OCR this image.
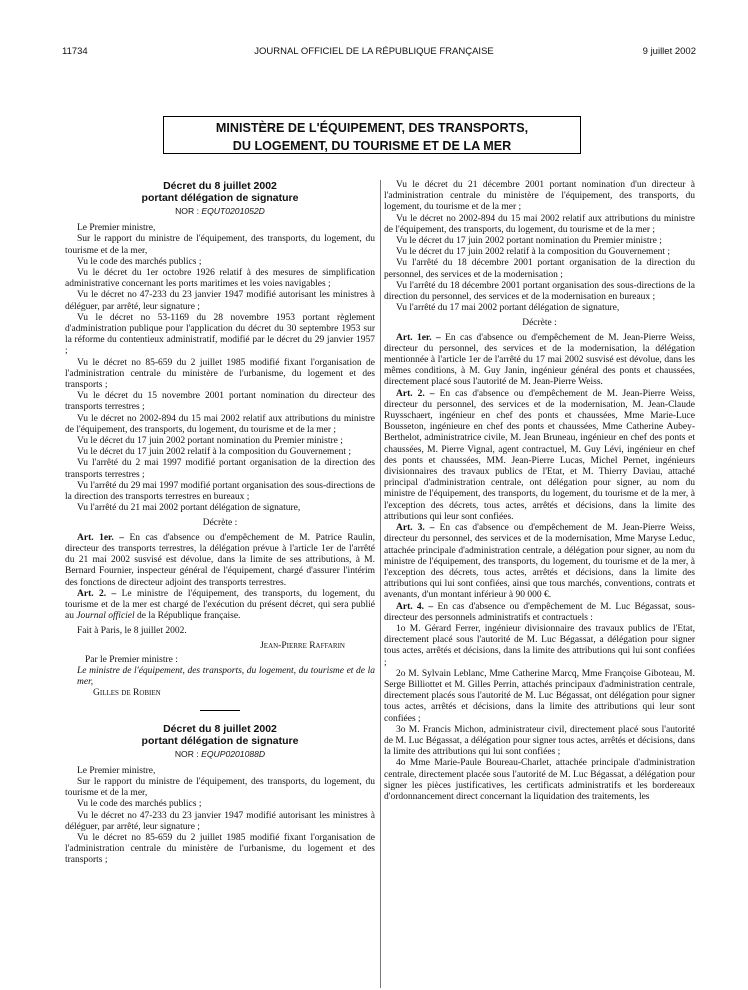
11734	JOURNAL OFFICIEL DE LA RÉPUBLIQUE FRANÇAISE	9 juillet 2002
MINISTÈRE DE L'ÉQUIPEMENT, DES TRANSPORTS,
DU LOGEMENT, DU TOURISME ET DE LA MER

Décret du 8 juillet 2002

portant délégation de signature

NOR : EQUT0201052D

Le Premier ministre,

Sur le rapport du ministre de l'équipement, des transports, du logement, du tourisme et de la mer,

Vu le code des marchés publics ;

Vu le décret du 1er octobre 1926 relatif à des mesures de simplification administrative concernant les ports maritimes et les voies navigables ;

Vu le décret no 47-233 du 23 janvier 1947 modifié autorisant les ministres à déléguer, par arrêté, leur signature ;

Vu le décret no 53-1169 du 28 novembre 1953 portant règlement d'administration publique pour l'application du décret du 30 septembre 1953 sur la réforme du contentieux administratif, modifié par le décret du 29 janvier 1957 ;

Vu le décret no 85-659 du 2 juillet 1985 modifié fixant l'organisation de l'administration centrale du ministère de l'urbanisme, du logement et des transports ;

Vu le décret du 15 novembre 2001 portant nomination du directeur des transports terrestres ;

Vu le décret no 2002-894 du 15 mai 2002 relatif aux attributions du ministre de l'équipement, des transports, du logement, du tourisme et de la mer ;

Vu le décret du 17 juin 2002 portant nomination du Premier ministre ;

Vu le décret du 17 juin 2002 relatif à la composition du Gouvernement ;

Vu l'arrêté du 2 mai 1997 modifié portant organisation de la direction des transports terrestres ;

Vu l'arrêté du 29 mai 1997 modifié portant organisation des sous-directions de la direction des transports terrestres en bureaux ;

Vu l'arrêté du 21 mai 2002 portant délégation de signature,

Décrète :

Art. 1er. – En cas d'absence ou d'empêchement de M. Patrice Raulin, directeur des transports terrestres, la délégation prévue à l'article 1er de l'arrêté du 21 mai 2002 susvisé est dévolue, dans la limite de ses attributions, à M. Bernard Fournier, inspecteur général de l'équipement, chargé d'assurer l'intérim des fonctions de directeur adjoint des transports terrestres.

Art. 2. – Le ministre de l'équipement, des transports, du logement, du tourisme et de la mer est chargé de l'exécution du présent décret, qui sera publié au Journal officiel de la République française.

Fait à Paris, le 8 juillet 2002.

Jean-Pierre Raffarin

Par le Premier ministre :

Le ministre de l'équipement, des transports, du logement, du tourisme et de la mer,

Gilles de Robien

Décret du 8 juillet 2002

portant délégation de signature

NOR : EQUP0201088D

Le Premier ministre,

Sur le rapport du ministre de l'équipement, des transports, du logement, du tourisme et de la mer,

Vu le code des marchés publics ;

Vu le décret no 47-233 du 23 janvier 1947 modifié autorisant les ministres à déléguer, par arrêté, leur signature ;

Vu le décret no 85-659 du 2 juillet 1985 modifié fixant l'organisation de l'administration centrale du ministère de l'urbanisme, du logement et des transports ;

Vu le décret du 21 décembre 2001 portant nomination d'un directeur à l'administration centrale du ministère de l'équipement, des transports, du logement, du tourisme et de la mer ;

Vu le décret no 2002-894 du 15 mai 2002 relatif aux attributions du ministre de l'équipement, des transports, du logement, du tourisme et de la mer ;

Vu le décret du 17 juin 2002 portant nomination du Premier ministre ;

Vu le décret du 17 juin 2002 relatif à la composition du Gouvernement ;

Vu l'arrêté du 18 décembre 2001 portant organisation de la direction du personnel, des services et de la modernisation ;

Vu l'arrêté du 18 décembre 2001 portant organisation des sous-directions de la direction du personnel, des services et de la modernisation en bureaux ;

Vu l'arrêté du 17 mai 2002 portant délégation de signature,

Décrète :

Art. 1er. – En cas d'absence ou d'empêchement de M. Jean-Pierre Weiss, directeur du personnel, des services et de la modernisation, la délégation mentionnée à l'article 1er de l'arrêté du 17 mai 2002 susvisé est dévolue, dans les mêmes conditions, à M. Guy Janin, ingénieur général des ponts et chaussées, directement placé sous l'autorité de M. Jean-Pierre Weiss.

Art. 2. – En cas d'absence ou d'empêchement de M. Jean-Pierre Weiss, directeur du personnel, des services et de la modernisation, M. Jean-Claude Ruysschaert, ingénieur en chef des ponts et chaussées, Mme Marie-Luce Bousseton, ingénieure en chef des ponts et chaussées, Mme Catherine Aubey-Berthelot, administratrice civile, M. Jean Bruneau, ingénieur en chef des ponts et chaussées, M. Pierre Vignal, agent contractuel, M. Guy Lévi, ingénieur en chef des ponts et chaussées, MM. Jean-Pierre Lucas, Michel Pernet, ingénieurs divisionnaires des travaux publics de l'Etat, et M. Thierry Daviau, attaché principal d'administration centrale, ont délégation pour signer, au nom du ministre de l'équipement, des transports, du logement, du tourisme et de la mer, à l'exception des décrets, tous actes, arrêtés et décisions, dans la limite des attributions qui leur sont confiées.

Art. 3. – En cas d'absence ou d'empêchement de M. Jean-Pierre Weiss, directeur du personnel, des services et de la modernisation, Mme Maryse Leduc, attachée principale d'administration centrale, a délégation pour signer, au nom du ministre de l'équipement, des transports, du logement, du tourisme et de la mer, à l'exception des décrets, tous actes, arrêtés et décisions, dans la limite des attributions qui lui sont confiées, ainsi que tous marchés, conventions, contrats et avenants, d'un montant inférieur à 90 000 €.

Art. 4. – En cas d'absence ou d'empêchement de M. Luc Bégassat, sous-directeur des personnels administratifs et contractuels :

1o M. Gérard Ferrer, ingénieur divisionnaire des travaux publics de l'Etat, directement placé sous l'autorité de M. Luc Bégassat, a délégation pour signer tous actes, arrêtés et décisions, dans la limite des attributions qui lui sont confiées ;

2o M. Sylvain Leblanc, Mme Catherine Marcq, Mme Françoise Giboteau, M. Serge Billiottet et M. Gilles Perrin, attachés principaux d'administration centrale, directement placés sous l'autorité de M. Luc Bégassat, ont délégation pour signer tous actes, arrêtés et décisions, dans la limite des attributions qui leur sont confiées ;

3o M. Francis Michon, administrateur civil, directement placé sous l'autorité de M. Luc Bégassat, a délégation pour signer tous actes, arrêtés et décisions, dans la limite des attributions qui lui sont confiées ;

4o Mme Marie-Paule Boureau-Charlet, attachée principale d'administration centrale, directement placée sous l'autorité de M. Luc Bégassat, a délégation pour signer les pièces justificatives, les certificats administratifs et les bordereaux d'ordonnancement direct concernant la liquidation des traitements, les
